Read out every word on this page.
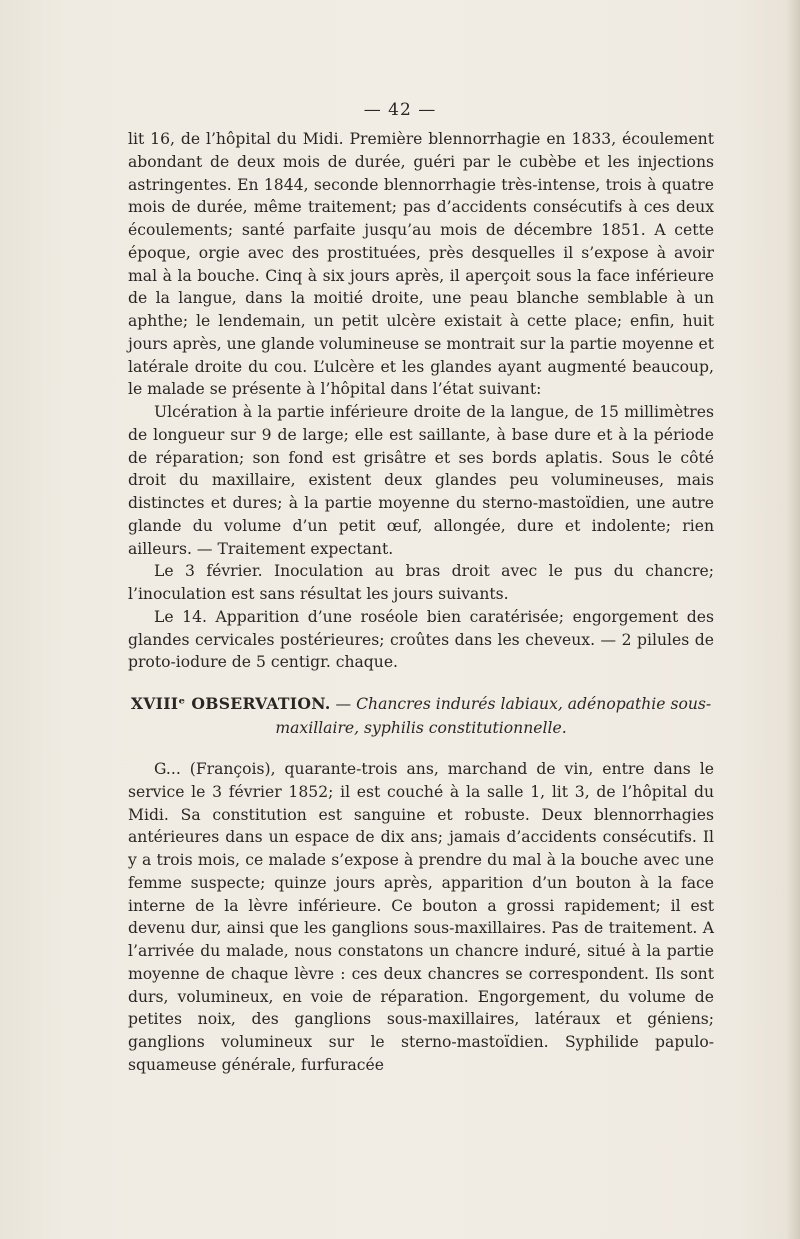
— 42 —

lit 16, de l’hôpital du Midi. Première blennorrhagie en 1833, écoulement abondant de deux mois de durée, guéri par le cubèbe et les injections astringentes. En 1844, seconde blennorrhagie très-intense, trois à quatre mois de durée, même traitement; pas d’accidents consécutifs à ces deux écoulements; santé parfaite jusqu’au mois de décembre 1851. A cette époque, orgie avec des prostituées, près desquelles il s’expose à avoir mal à la bouche. Cinq à six jours après, il aperçoit sous la face inférieure de la langue, dans la moitié droite, une peau blanche semblable à un aphthe; le lendemain, un petit ulcère existait à cette place; enfin, huit jours après, une glande volumineuse se montrait sur la partie moyenne et latérale droite du cou. L’ulcère et les glandes ayant augmenté beaucoup, le malade se présente à l’hôpital dans l’état suivant:

Ulcération à la partie inférieure droite de la langue, de 15 millimètres de longueur sur 9 de large; elle est saillante, à base dure et à la période de réparation; son fond est grisâtre et ses bords aplatis. Sous le côté droit du maxillaire, existent deux glandes peu volumineuses, mais distinctes et dures; à la partie moyenne du sterno-mastoïdien, une autre glande du volume d’un petit œuf, allongée, dure et indolente; rien ailleurs. — Traitement expectant.

Le 3 février. Inoculation au bras droit avec le pus du chancre; l’inoculation est sans résultat les jours suivants.

Le 14. Apparition d’une roséole bien caratérisée; engorgement des glandes cervicales postérieures; croûtes dans les cheveux. — 2 pilules de proto-iodure de 5 centigr. chaque.

XVIIIᵉ OBSERVATION. — Chancres indurés labiaux, adénopathie sous-maxillaire, syphilis constitutionnelle.

G... (François), quarante-trois ans, marchand de vin, entre dans le service le 3 février 1852; il est couché à la salle 1, lit 3, de l’hôpital du Midi. Sa constitution est sanguine et robuste. Deux blennorrhagies antérieures dans un espace de dix ans; jamais d’accidents consécutifs. Il y a trois mois, ce malade s’expose à prendre du mal à la bouche avec une femme suspecte; quinze jours après, apparition d’un bouton à la face interne de la lèvre inférieure. Ce bouton a grossi rapidement; il est devenu dur, ainsi que les ganglions sous-maxillaires. Pas de traitement. A l’arrivée du malade, nous constatons un chancre induré, situé à la partie moyenne de chaque lèvre : ces deux chancres se correspondent. Ils sont durs, volumineux, en voie de réparation. Engorgement, du volume de petites noix, des ganglions sous-maxillaires, latéraux et géniens; ganglions volumineux sur le sterno-mastoïdien. Syphilide papulo-squameuse générale, furfuracée
